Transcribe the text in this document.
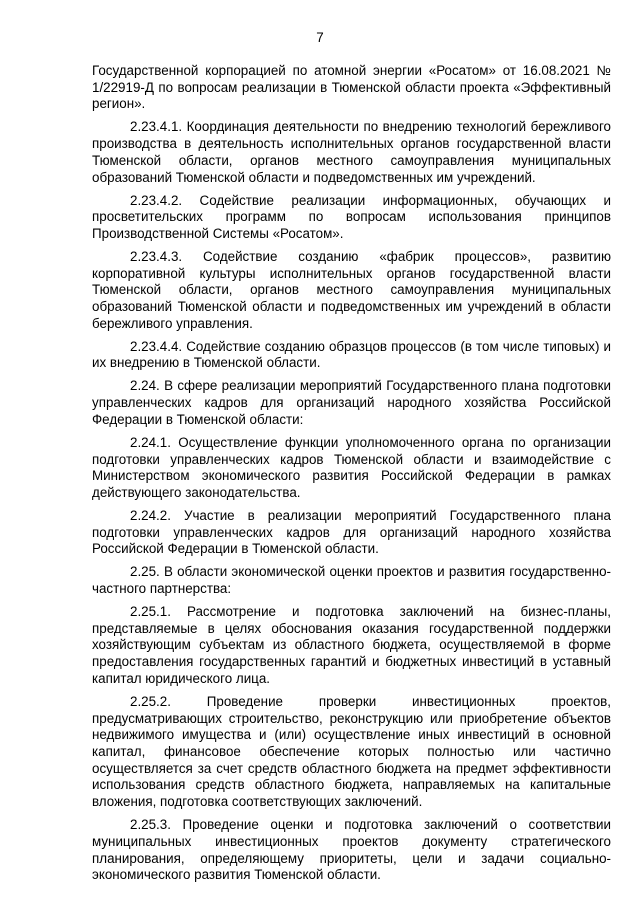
7

Государственной корпорацией по атомной энергии «Росатом» от 16.08.2021 № 1/22919-Д по вопросам реализации в Тюменской области проекта «Эффективный регион».

2.23.4.1. Координация деятельности по внедрению технологий бережливого производства в деятельность исполнительных органов государственной власти Тюменской области, органов местного самоуправления муниципальных образований Тюменской области и подведомственных им учреждений.

2.23.4.2. Содействие реализации информационных, обучающих и просветительских программ по вопросам использования принципов Производственной Системы «Росатом».

2.23.4.3. Содействие созданию «фабрик процессов», развитию корпоративной культуры исполнительных органов государственной власти Тюменской области, органов местного самоуправления муниципальных образований Тюменской области и подведомственных им учреждений в области бережливого управления.

2.23.4.4. Содействие созданию образцов процессов (в том числе типовых) и их внедрению в Тюменской области.

2.24. В сфере реализации мероприятий Государственного плана подготовки управленческих кадров для организаций народного хозяйства Российской Федерации в Тюменской области:

2.24.1. Осуществление функции уполномоченного органа по организации подготовки управленческих кадров Тюменской области и взаимодействие с Министерством экономического развития Российской Федерации в рамках действующего законодательства.

2.24.2. Участие в реализации мероприятий Государственного плана подготовки управленческих кадров для организаций народного хозяйства Российской Федерации в Тюменской области.

2.25. В области экономической оценки проектов и развития государственно-частного партнерства:

2.25.1. Рассмотрение и подготовка заключений на бизнес-планы, представляемые в целях обоснования оказания государственной поддержки хозяйствующим субъектам из областного бюджета, осуществляемой в форме предоставления государственных гарантий и бюджетных инвестиций в уставный капитал юридического лица.

2.25.2. Проведение проверки инвестиционных проектов, предусматривающих строительство, реконструкцию или приобретение объектов недвижимого имущества и (или) осуществление иных инвестиций в основной капитал, финансовое обеспечение которых полностью или частично осуществляется за счет средств областного бюджета на предмет эффективности использования средств областного бюджета, направляемых на капитальные вложения, подготовка соответствующих заключений.

2.25.3. Проведение оценки и подготовка заключений о соответствии муниципальных инвестиционных проектов документу стратегического планирования, определяющему приоритеты, цели и задачи социально-экономического развития Тюменской области.
